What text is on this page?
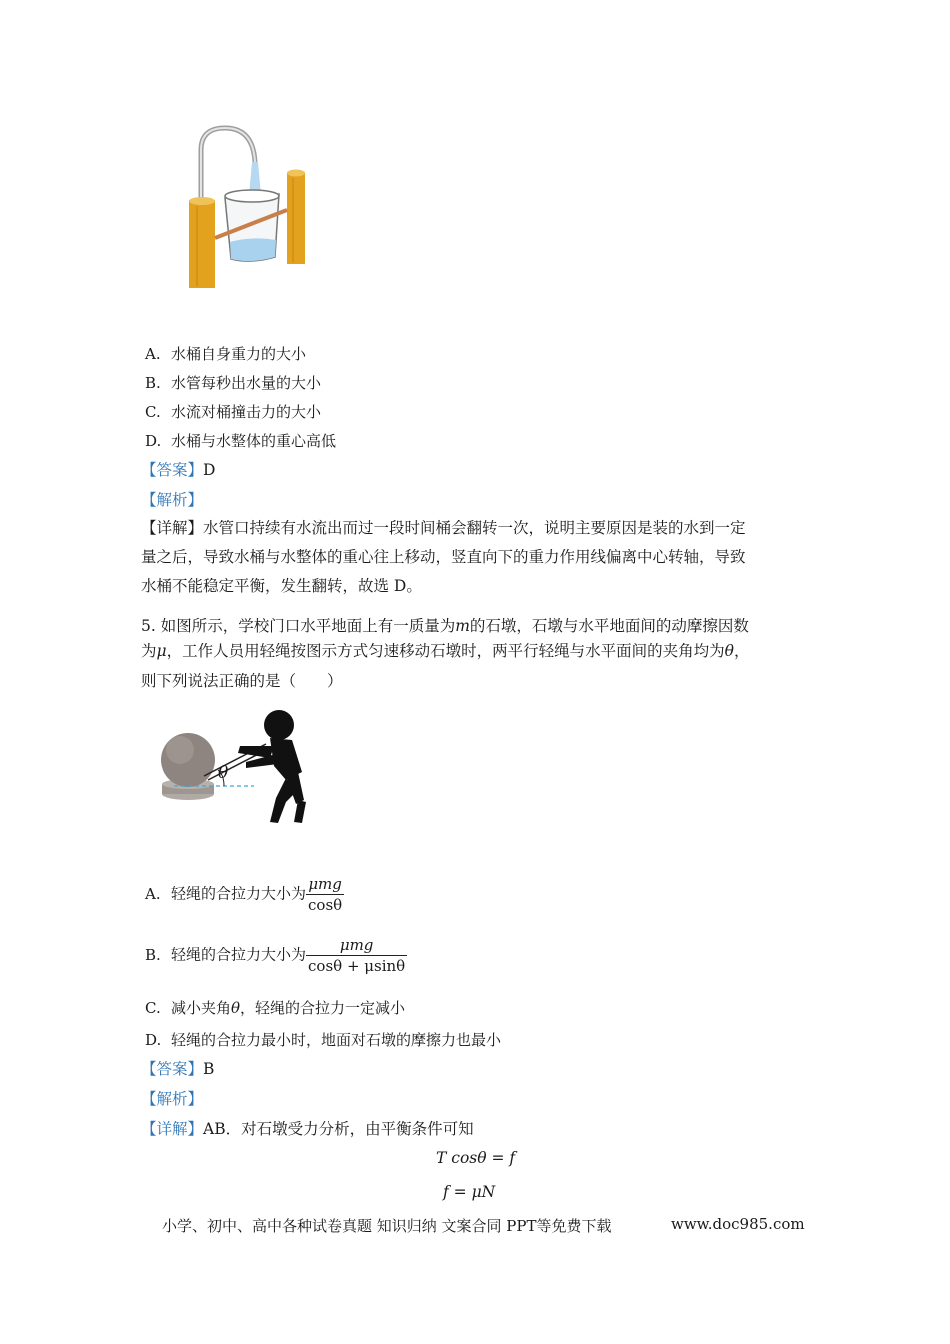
A. 水桶自身重力的大小
B. 水管每秒出水量的大小
C. 水流对桶撞击力的大小
D. 水桶与水整体的重心高低
【答案】D
【解析】
【详解】水管口持续有水流出而过一段时间桶会翻转一次，说明主要原因是装的水到一定
量之后，导致水桶与水整体的重心往上移动，竖直向下的重力作用线偏离中心转轴，导致
水桶不能稳定平衡，发生翻转，故选 D。
5. 如图所示，学校门口水平地面上有一质量为m的石墩，石墩与水平地面间的动摩擦因数
为μ，工作人员用轻绳按图示方式匀速移动石墩时，两平行轻绳与水平面间的夹角均为θ，
则下列说法正确的是（　　）
θ
A. 轻绳的合拉力大小为 $\frac{\text{μmg}}{\cos\theta}$
B. 轻绳的合拉力大小为 $\frac{\text{μmg}}{\cos\theta + \mu\sin\theta}$
C. 减小夹角θ，轻绳的合拉力一定减小
D. 轻绳的合拉力最小时，地面对石墩的摩擦力也最小
【答案】B
【解析】
【详解】AB．对石墩受力分析，由平衡条件可知
T cosθ = f
f = μN
小学、初中、高中各种试卷真题 知识归纳 文案合同 PPT等免费下载	www.doc985.com
